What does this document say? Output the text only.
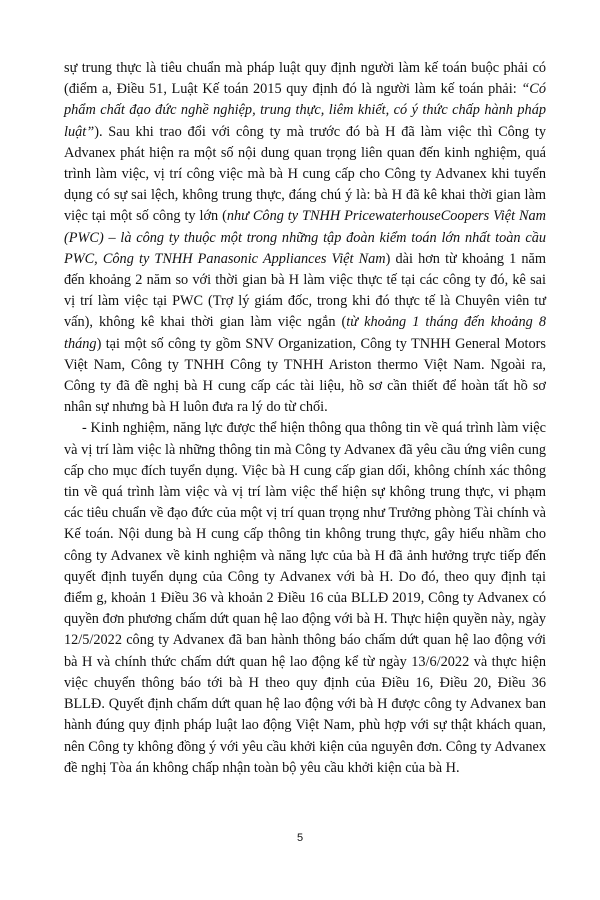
sự trung thực là tiêu chuẩn mà pháp luật quy định người làm kế toán buộc phải có (điểm a, Điều 51, Luật Kế toán 2015 quy định đó là người làm kế toán phải: “Có phẩm chất đạo đức nghề nghiệp, trung thực, liêm khiết, có ý thức chấp hành pháp luật”). Sau khi trao đổi với công ty mà trước đó bà H đã làm việc thì Công ty Advanex phát hiện ra một số nội dung quan trọng liên quan đến kinh nghiệm, quá trình làm việc, vị trí công việc mà bà H cung cấp cho Công ty Advanex khi tuyển dụng có sự sai lệch, không trung thực, đáng chú ý là: bà H đã kê khai thời gian làm việc tại một số công ty lớn (như Công ty TNHH PricewaterhouseCoopers Việt Nam (PWC) – là công ty thuộc một trong những tập đoàn kiểm toán lớn nhất toàn cầu PWC, Công ty TNHH Panasonic Appliances Việt Nam) dài hơn từ khoảng 1 năm đến khoảng 2 năm so với thời gian bà H làm việc thực tế tại các công ty đó, kê sai vị trí làm việc tại PWC (Trợ lý giám đốc, trong khi đó thực tế là Chuyên viên tư vấn), không kê khai thời gian làm việc ngắn (từ khoảng 1 tháng đến khoảng 8 tháng) tại một số công ty gồm SNV Organization, Công ty TNHH General Motors Việt Nam, Công ty TNHH Công ty TNHH Ariston thermo Việt Nam. Ngoài ra, Công ty đã đề nghị bà H cung cấp các tài liệu, hồ sơ cần thiết để hoàn tất hồ sơ nhân sự nhưng bà H luôn đưa ra lý do từ chối.

- Kinh nghiệm, năng lực được thể hiện thông qua thông tin về quá trình làm việc và vị trí làm việc là những thông tin mà Công ty Advanex đã yêu cầu ứng viên cung cấp cho mục đích tuyển dụng. Việc bà H cung cấp gian dối, không chính xác thông tin về quá trình làm việc và vị trí làm việc thể hiện sự không trung thực, vi phạm các tiêu chuẩn về đạo đức của một vị trí quan trọng như Trưởng phòng Tài chính và Kế toán. Nội dung bà H cung cấp thông tin không trung thực, gây hiểu nhầm cho công ty Advanex về kinh nghiệm và năng lực của bà H đã ảnh hưởng trực tiếp đến quyết định tuyển dụng của Công ty Advanex với bà H. Do đó, theo quy định tại điểm g, khoản 1 Điều 36 và khoản 2 Điều 16 của BLLĐ 2019, Công ty Advanex có quyền đơn phương chấm dứt quan hệ lao động với bà H. Thực hiện quyền này, ngày 12/5/2022 công ty Advanex đã ban hành thông báo chấm dứt quan hệ lao động với bà H và chính thức chấm dứt quan hệ lao động kể từ ngày 13/6/2022 và thực hiện việc chuyển thông báo tới bà H theo quy định của Điều 16, Điều 20, Điều 36 BLLĐ. Quyết định chấm dứt quan hệ lao động với bà H được công ty Advanex ban hành đúng quy định pháp luật lao động Việt Nam, phù hợp với sự thật khách quan, nên Công ty không đồng ý với yêu cầu khởi kiện của nguyên đơn. Công ty Advanex đề nghị Tòa án không chấp nhận toàn bộ yêu cầu khởi kiện của bà H.

5
